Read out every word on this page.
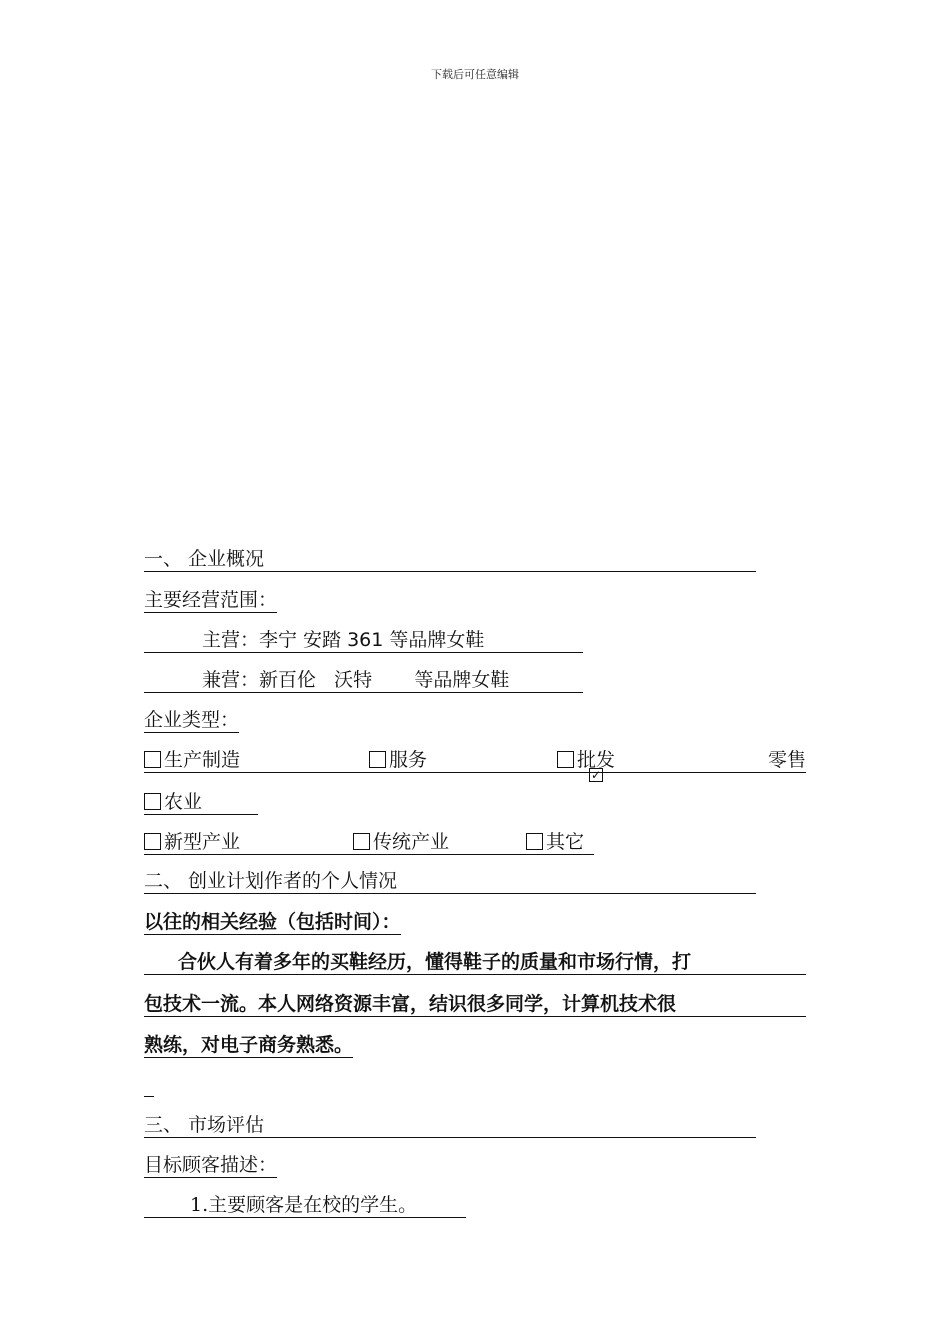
下载后可任意编辑
一、 企业概况
主要经营范围：
主营：李宁 安踏 361 等品牌女鞋
兼营：新百伦   沃特       等品牌女鞋
企业类型：
生产制造	服务	批发	零售
✓
农业
新型产业	传统产业	其它
二、 创业计划作者的个人情况
以往的相关经验（包括时间）：
合伙人有着多年的买鞋经历，懂得鞋子的质量和市场行情，打
包技术一流。本人网络资源丰富，结识很多同学，计算机技术很
熟练，对电子商务熟悉。
三、 市场评估
目标顾客描述：
1.主要顾客是在校的学生。
